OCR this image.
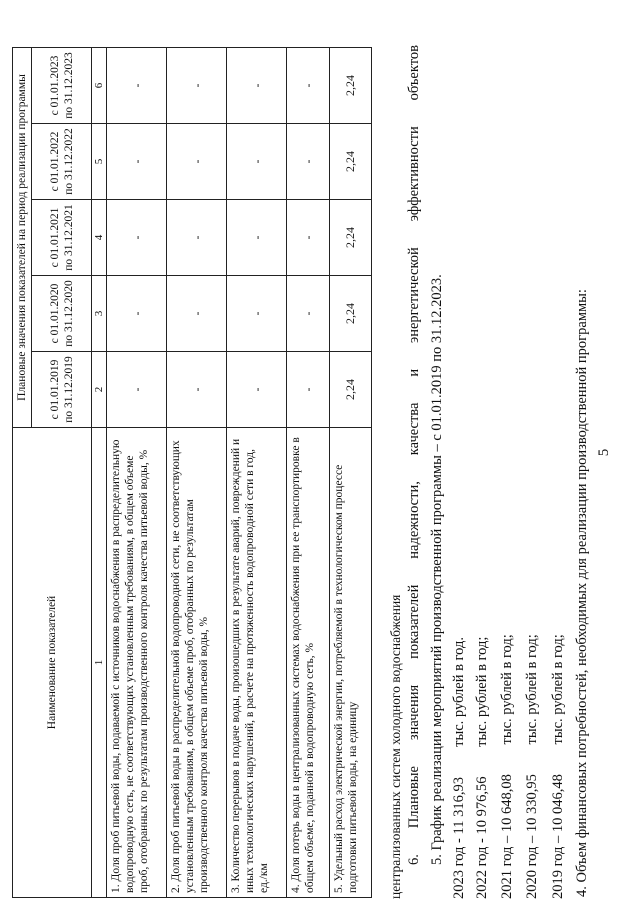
5
4. Объем финансовых потребностей, необходимых для реализации производственной программы:
2019 год – 10 046,48 тыс. рублей в год;
2020 год – 10 330,95 тыс. рублей в год;
2021 год – 10 648,08 тыс. рублей в год;
2022 год - 10 976,56 тыс. рублей в год;
2023 год - 11 316,93 тыс. рублей в год.
5. График реализации мероприятий производственной программы – с 01.01.2019 по 31.12.2023.
6.
Плановые
значения
показателей
надежности,
качества
и
энергетической
эффективности
объектов
централизованных систем холодного водоснабжения
Наименование показателей	Плановые значения показателей на период реализации программы				
	с 01.01.2019 по 31.12.2019	с 01.01.2020 по 31.12.2020	с 01.01.2021 по 31.12.2021	с 01.01.2022 по 31.12.2022	с 01.01.2023 по 31.12.2023
1	2	3	4	5	6
1. Доля проб питьевой воды, подаваемой с источников водоснабжения в распределительную водопроводную сеть, не соответствующих установленным требованиям, в общем объеме проб, отобранных по результатам производственного контроля качества питьевой воды, %	-	-	-	-	-
2. Доля проб питьевой воды в распределительной водопроводной сети, не соответствующих установленным требованиям, в общем объеме проб, отобранных по результатам производственного контроля качества питьевой воды, %	-	-	-	-	-
3. Количество перерывов в подаче воды, произошедших в результате аварий, повреждений и иных технологических нарушений, в расчете на протяженность водопроводной сети в год, ед./км	-	-	-	-	-
4. Доля потерь воды в централизованных системах водоснабжения при ее транспортировке в общем объеме, поданной в водопроводную сеть, %	-	-	-	-	-
5. Удельный расход электрической энергии, потребляемой в технологическом процессе подготовки питьевой воды, на единицу	2,24	2,24	2,24	2,24	2,24
